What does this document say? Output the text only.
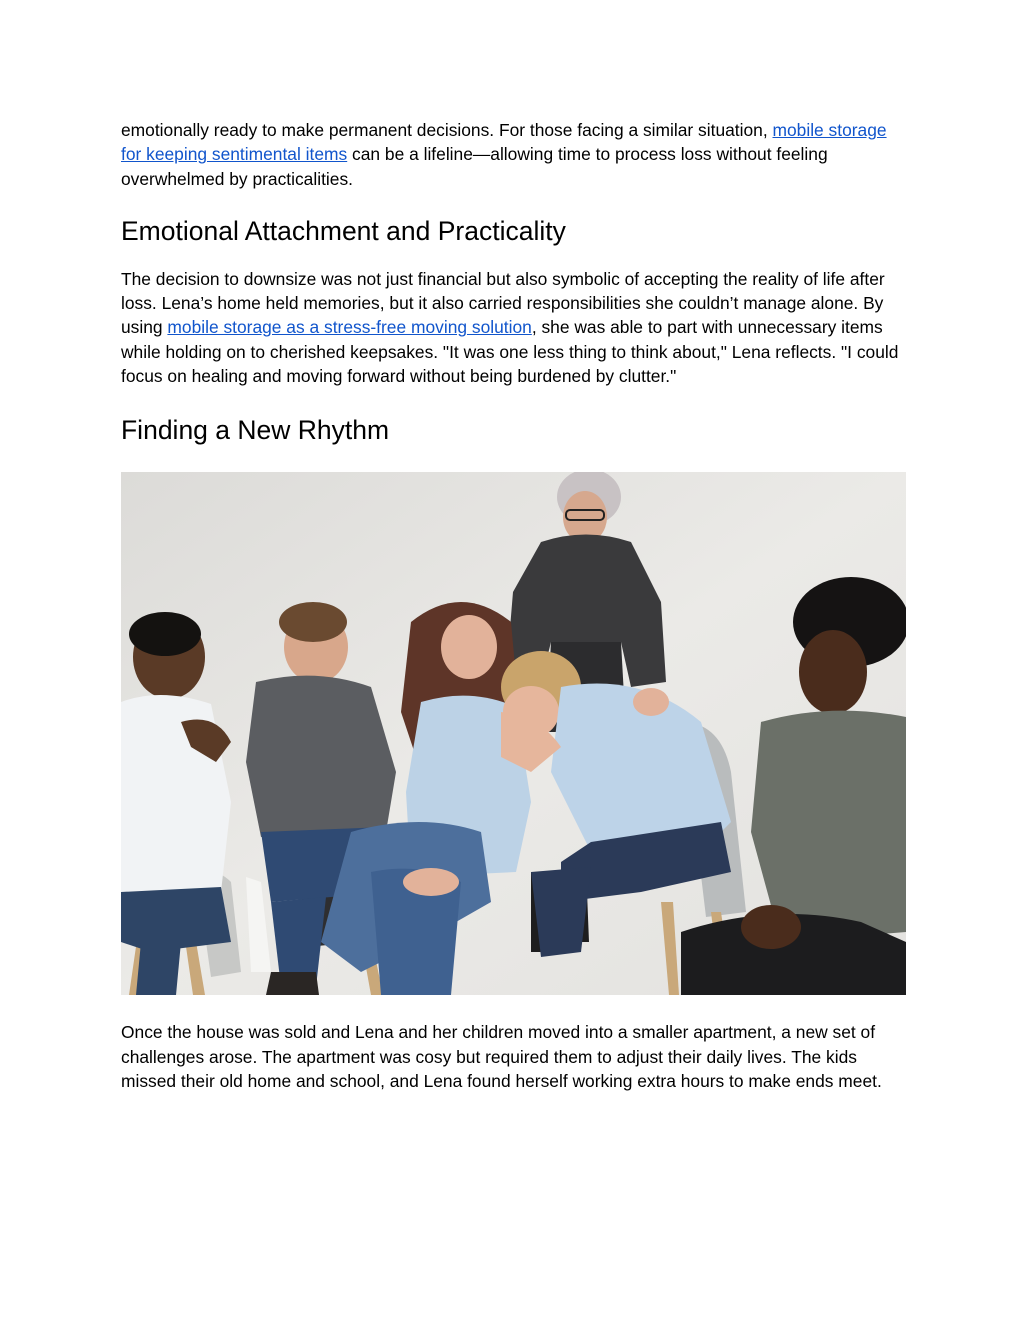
emotionally ready to make permanent decisions. For those facing a similar situation, mobile storage for keeping sentimental items can be a lifeline—allowing time to process loss without feeling overwhelmed by practicalities.

Emotional Attachment and Practicality

The decision to downsize was not just financial but also symbolic of accepting the reality of life after loss. Lena’s home held memories, but it also carried responsibilities she couldn’t manage alone. By using mobile storage as a stress-free moving solution, she was able to part with unnecessary items while holding on to cherished keepsakes. "It was one less thing to think about," Lena reflects. "I could focus on healing and moving forward without being burdened by clutter."

Finding a New Rhythm

Once the house was sold and Lena and her children moved into a smaller apartment, a new set of challenges arose. The apartment was cosy but required them to adjust their daily lives. The kids missed their old home and school, and Lena found herself working extra hours to make ends meet.
